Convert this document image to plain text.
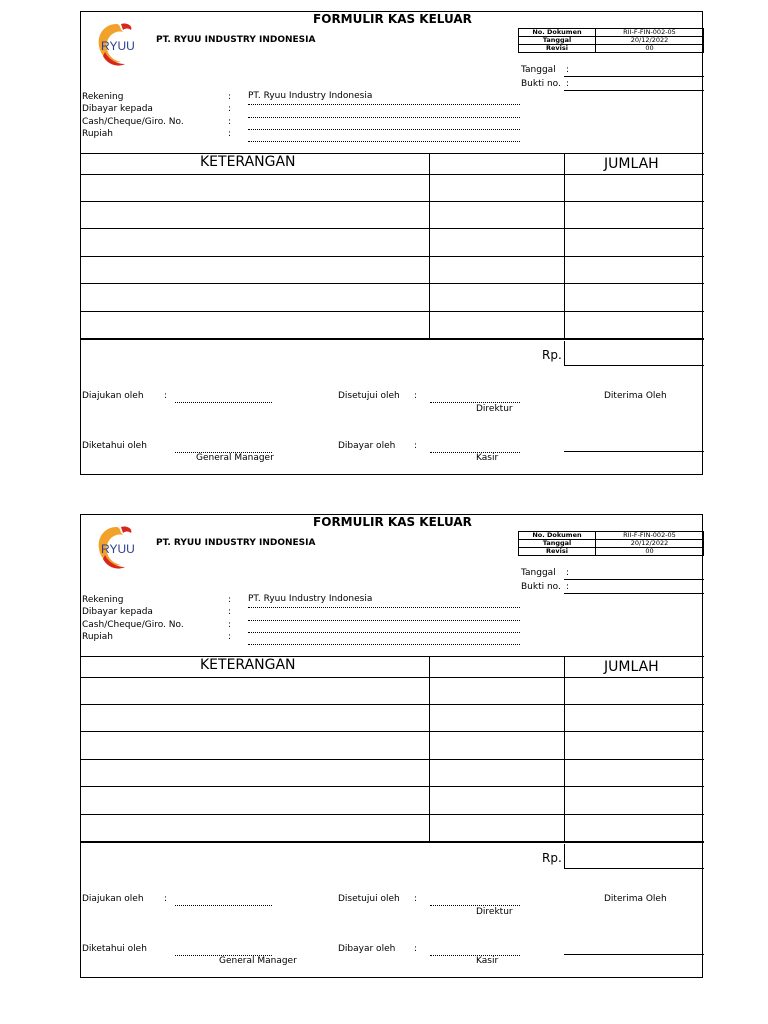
RYUU
FORMULIR KAS KELUAR
PT. RYUU INDUSTRY INDONESIA
No. Dokumen	RII-F-FIN-002-05
Tanggal	20/12/2022
Revisi	00
Tanggal :
Bukti no. :
Rekening	: PT. Ryuu Industry Indonesia
Dibayar kepada	:
Cash/Cheque/Giro. No.	:
Rupiah	:
KETERANGAN	JUMLAH
Rp.
Diajukan oleh :	Disetujui oleh :
Direktur
Diterima Oleh
Diketahui oleh
General Manager
Dibayar oleh :
Kasir
RYUU
FORMULIR KAS KELUAR
PT. RYUU INDUSTRY INDONESIA
No. Dokumen	RII-F-FIN-002-05
Tanggal	20/12/2022
Revisi	00
Tanggal :
Bukti no. :
Rekening	: PT. Ryuu Industry Indonesia
Dibayar kepada	:
Cash/Cheque/Giro. No.	:
Rupiah	:
KETERANGAN	JUMLAH
Rp.
Diajukan oleh :	Disetujui oleh :
Direktur
Diterima Oleh
Diketahui oleh
General Manager
Dibayar oleh :
Kasir
